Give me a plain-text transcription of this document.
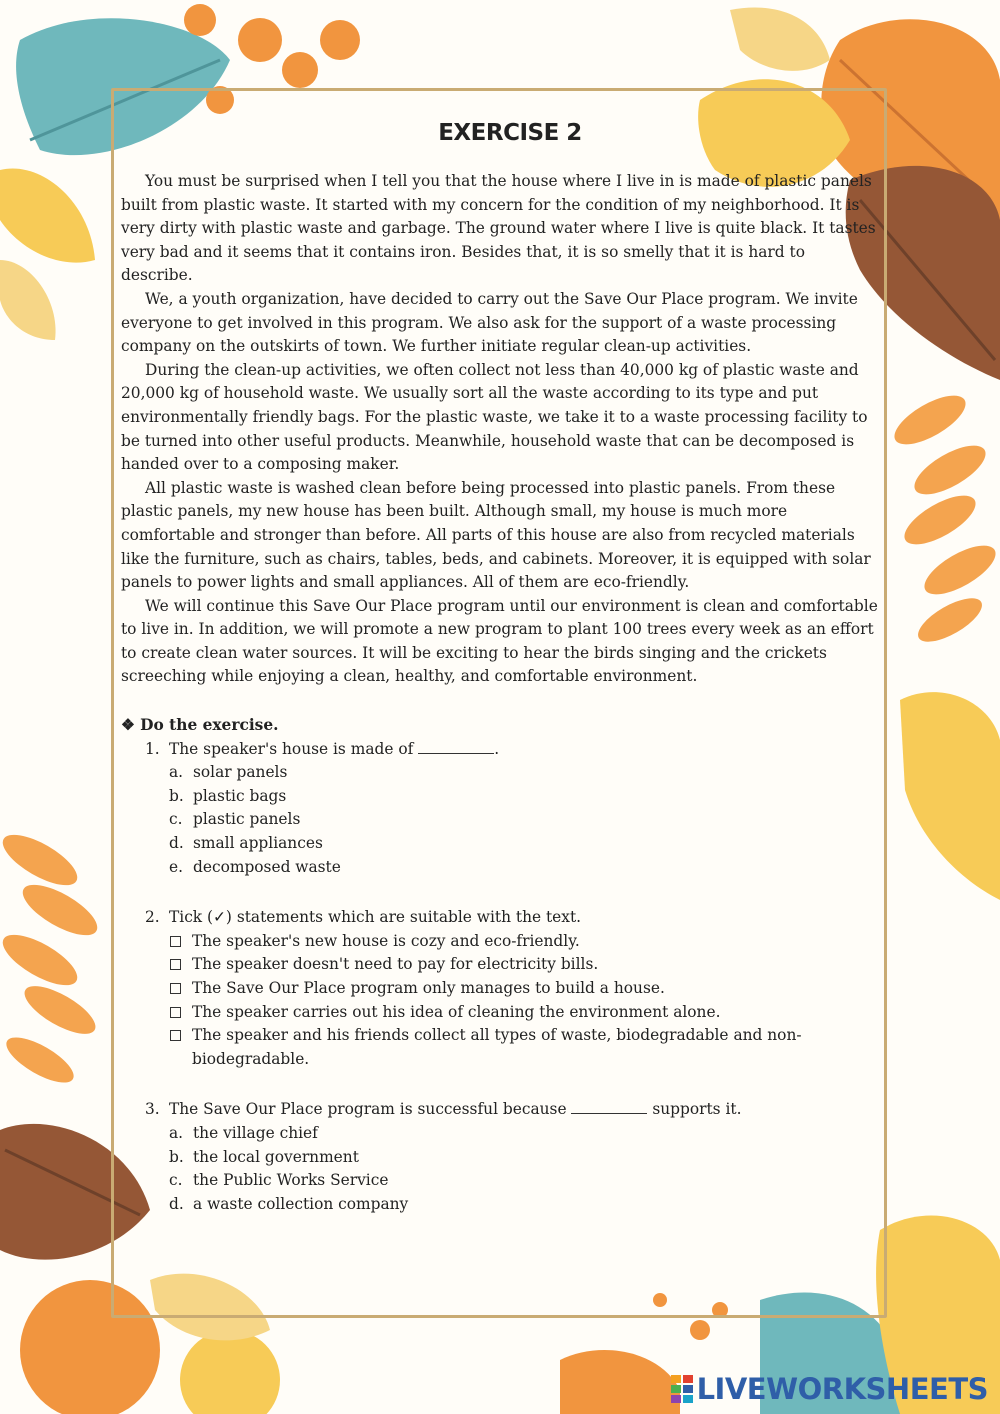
EXERCISE 2

You must be surprised when I tell you that the house where I live in is made of plastic panels built from plastic waste. It started with my concern for the condition of my neighborhood. It is very dirty with plastic waste and garbage. The ground water where I live is quite black. It tastes very bad and it seems that it contains iron. Besides that, it is so smelly that it is hard to describe.

We, a youth organization, have decided to carry out the Save Our Place program. We invite everyone to get involved in this program. We also ask for the support of a waste processing company on the outskirts of town. We further initiate regular clean-up activities.

During the clean-up activities, we often collect not less than 40,000 kg of plastic waste and 20,000 kg of household waste. We usually sort all the waste according to its type and put environmentally friendly bags. For the plastic waste, we take it to a waste processing facility to be turned into other useful products. Meanwhile, household waste that can be decomposed is handed over to a composing maker.

All plastic waste is washed clean before being processed into plastic panels. From these plastic panels, my new house has been built. Although small, my house is much more comfortable and stronger than before. All parts of this house are also from recycled materials like the furniture, such as chairs, tables, beds, and cabinets. Moreover, it is equipped with solar panels to power lights and small appliances. All of them are eco-friendly.

We will continue this Save Our Place program until our environment is clean and comfortable to live in. In addition, we will promote a new program to plant 100 trees every week as an effort to create clean water sources. It will be exciting to hear the birds singing and the crickets screeching while enjoying a clean, healthy, and comfortable environment.

❖ Do the exercise.
1. The speaker's house is made of	.
a. solar panels
b. plastic bags
c. plastic panels
d. small appliances
e. decomposed waste
2. Tick (✓) statements which are suitable with the text.
The speaker's new house is cozy and eco-friendly.
The speaker doesn't need to pay for electricity bills.
The Save Our Place program only manages to build a house.
The speaker carries out his idea of cleaning the environment alone.
The speaker and his friends collect all types of waste, biodegradable and non-biodegradable.
3. The Save Our Place program is successful because	supports it.
a. the village chief
b. the local government
c. the Public Works Service
d. a waste collection company
LIVEWORKSHEETS
